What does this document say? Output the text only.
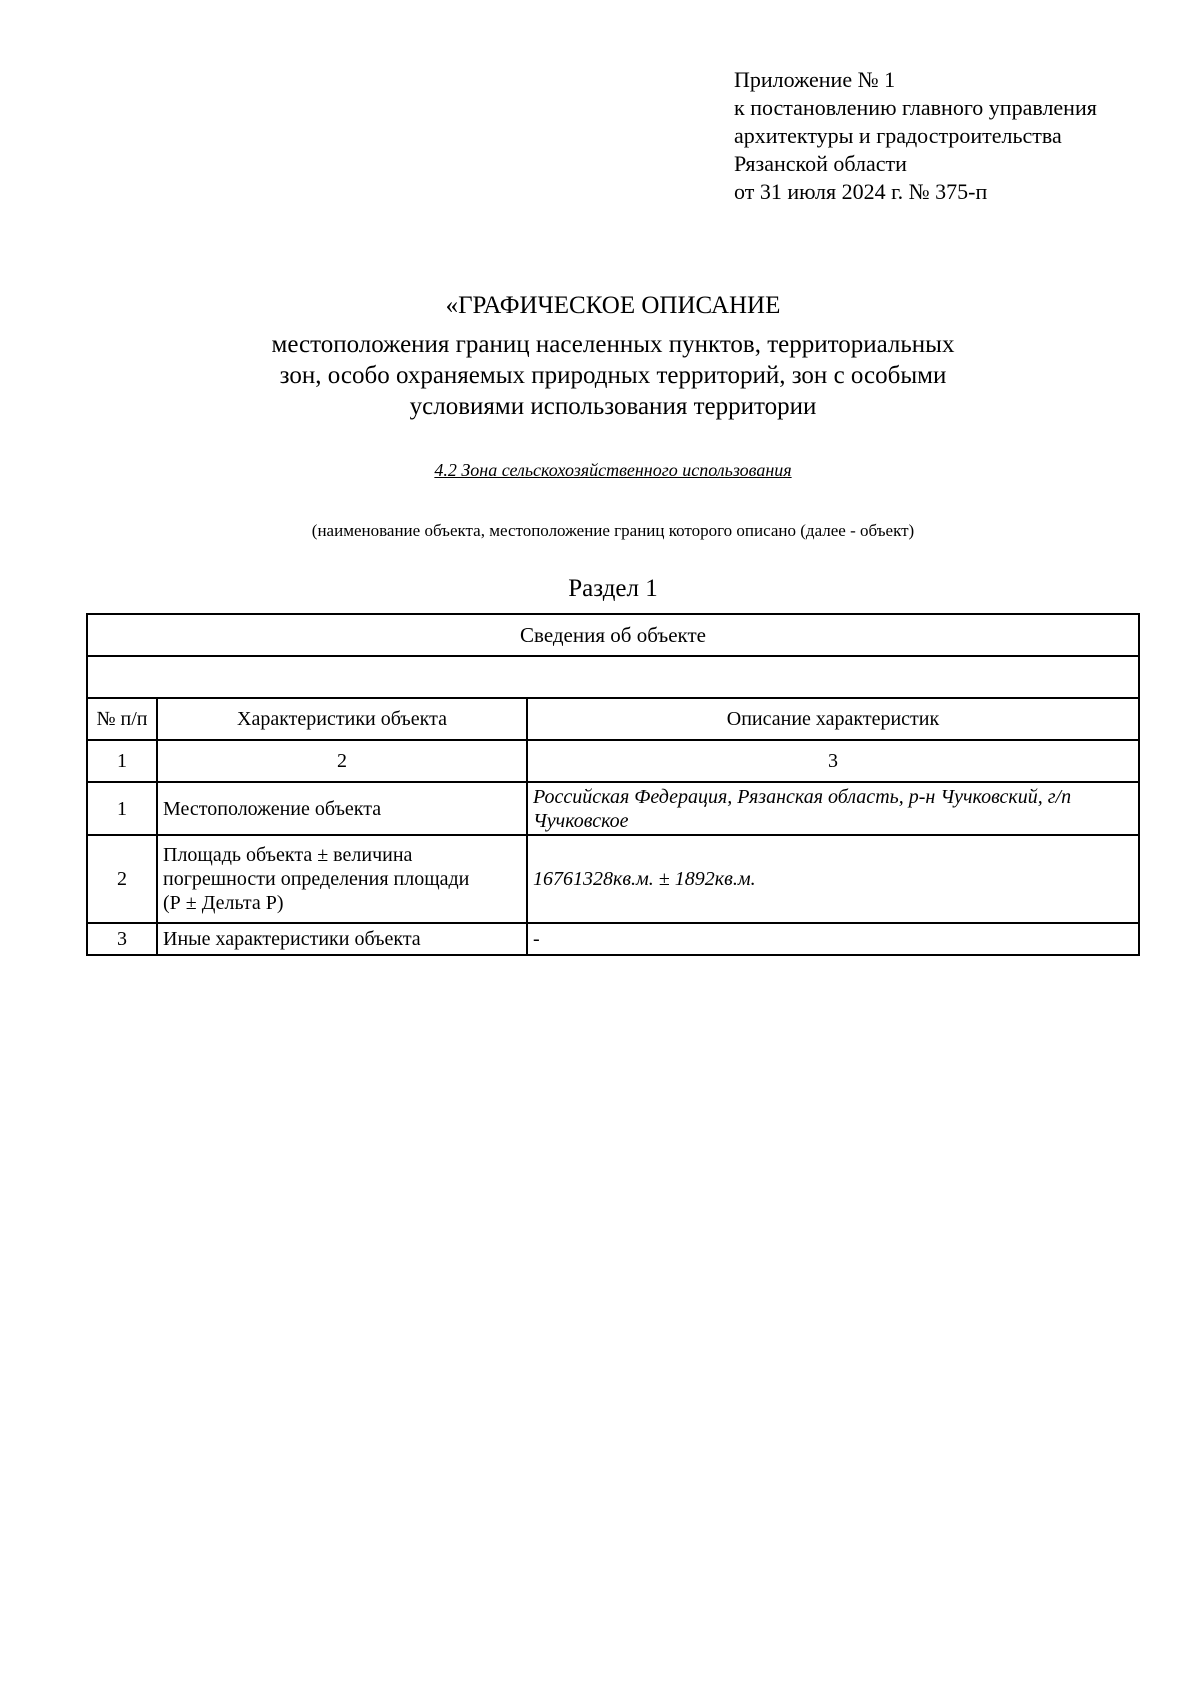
Приложение № 1
к постановлению главного управления
архитектуры и градостроительства
Рязанской области
от 31 июля 2024 г. № 375-п
«ГРАФИЧЕСКОЕ ОПИСАНИЕ
местоположения границ населенных пунктов, территориальных
зон, особо охраняемых природных территорий, зон с особыми
условиями использования территории
4.2 Зона сельскохозяйственного использования
(наименование объекта, местоположение границ которого описано (далее - объект)
Раздел 1
Сведения об объекте		

№ п/п	Характеристики объекта	Описание характеристик
1	2	3
1	Местоположение объекта	Российская Федерация, Рязанская область, р-н Чучковский, г/п
Чучковское

2	Площадь объекта ± величина
погрешности определения площади
(Р ± Дельта Р)	16761328кв.м. ± 1892кв.м.

3	Иные характеристики объекта	-
